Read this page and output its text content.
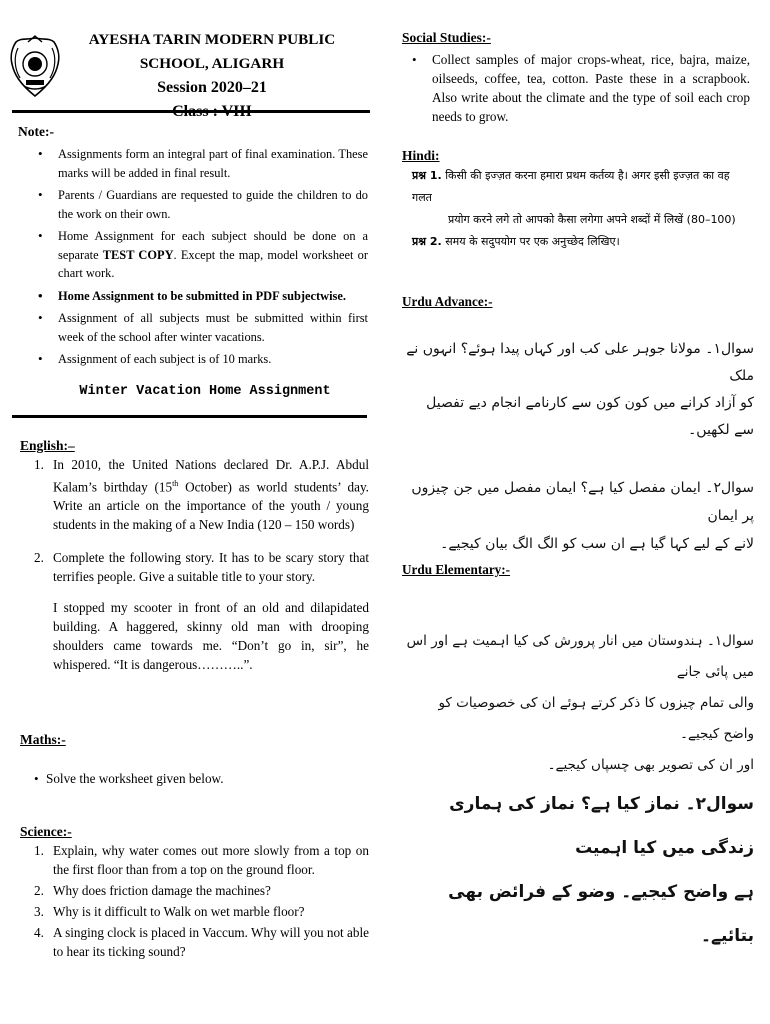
AYESHA TARIN MODERN PUBLIC SCHOOL, ALIGARH
Session 2020–21
Note:-
• Assignments form an integral part of final examination. These marks will be added in final result.
• Parents / Guardians are requested to guide the children to do the work on their own.
• Home Assignment for each subject should be done on a separate TEST COPY. Except the map, model worksheet or chart work.
• Home Assignment to be submitted in PDF subjectwise.
• Assignment of all subjects must be submitted within first week of the school after winter vacations.
• Assignment of each subject is of 10 marks.
Winter Vacation Home Assignment
English:–
1. In 2010, the United Nations declared Dr. A.P.J. Abdul Kalam’s birthday (15th October) as world students’ day. Write an article on the importance of the youth / young students in the making of a New India (120 – 150 words)
2. Complete the following story. It has to be scary story that terrifies people. Give a suitable title to your story.
I stopped my scooter in front of an old and dilapidated building. A haggered, skinny old man with drooping shoulders came towards me. “Don’t go in, sir”, he whispered. “It is dangerous………..”.
Maths:-
• Solve the worksheet given below.
Science:-
1. Explain, why water comes out more slowly from a top on the first floor than from a top on the ground floor.
2. Why does friction damage the machines?
3. Why is it difficult to Walk on wet marble floor?
4. A singing clock is placed in Vaccum. Why will you not able to hear its ticking sound?
Social Studies:-
• Collect samples of major crops-wheat, rice, bajra, maize, oilseeds, coffee, tea, cotton. Paste these in a scrapbook. Also write about the climate and the type of soil each crop needs to grow.
Hindi:
प्रश्न 1. किसी की इज्ज़त करना हमारा प्रथम कर्तव्य है। अगर इसी इज्ज़त का वह गलत
प्रयोग करने लगे तो आपको कैसा लगेगा अपने शब्दों में लिखें (80–100)
प्रश्न 2. समय के सदुपयोग पर एक अनुच्छेद लिखिए।
Urdu Advance:-
سوال۱۔ مولانا جوہر علی کب اور کہاں پیدا ہوئے؟ انہوں نے ملک
کو آزاد کرانے میں کون کون سے کارنامے انجام دیے تفصیل
سے لکھیں۔
سوال۲۔ ایمان مفصل کیا ہے؟ ایمان مفصل میں جن چیزوں پر ایمان
لانے کے لیے کہا گیا ہے ان سب کو الگ الگ بیان کیجیے۔
Urdu Elementary:-
سوال۱۔ ہندوستان میں انار پرورش کی کیا اہمیت ہے اور اس میں پائی جانے
والی تمام چیزوں کا ذکر کرتے ہوئے ان کی خصوصیات کو واضح کیجیے۔
اور ان کی تصویر بھی چسپاں کیجیے۔
سوال۲۔ نماز کیا ہے؟ نماز کی ہماری زندگی میں کیا اہمیت
ہے واضح کیجیے۔ وضو کے فرائض بھی بتائیے۔
